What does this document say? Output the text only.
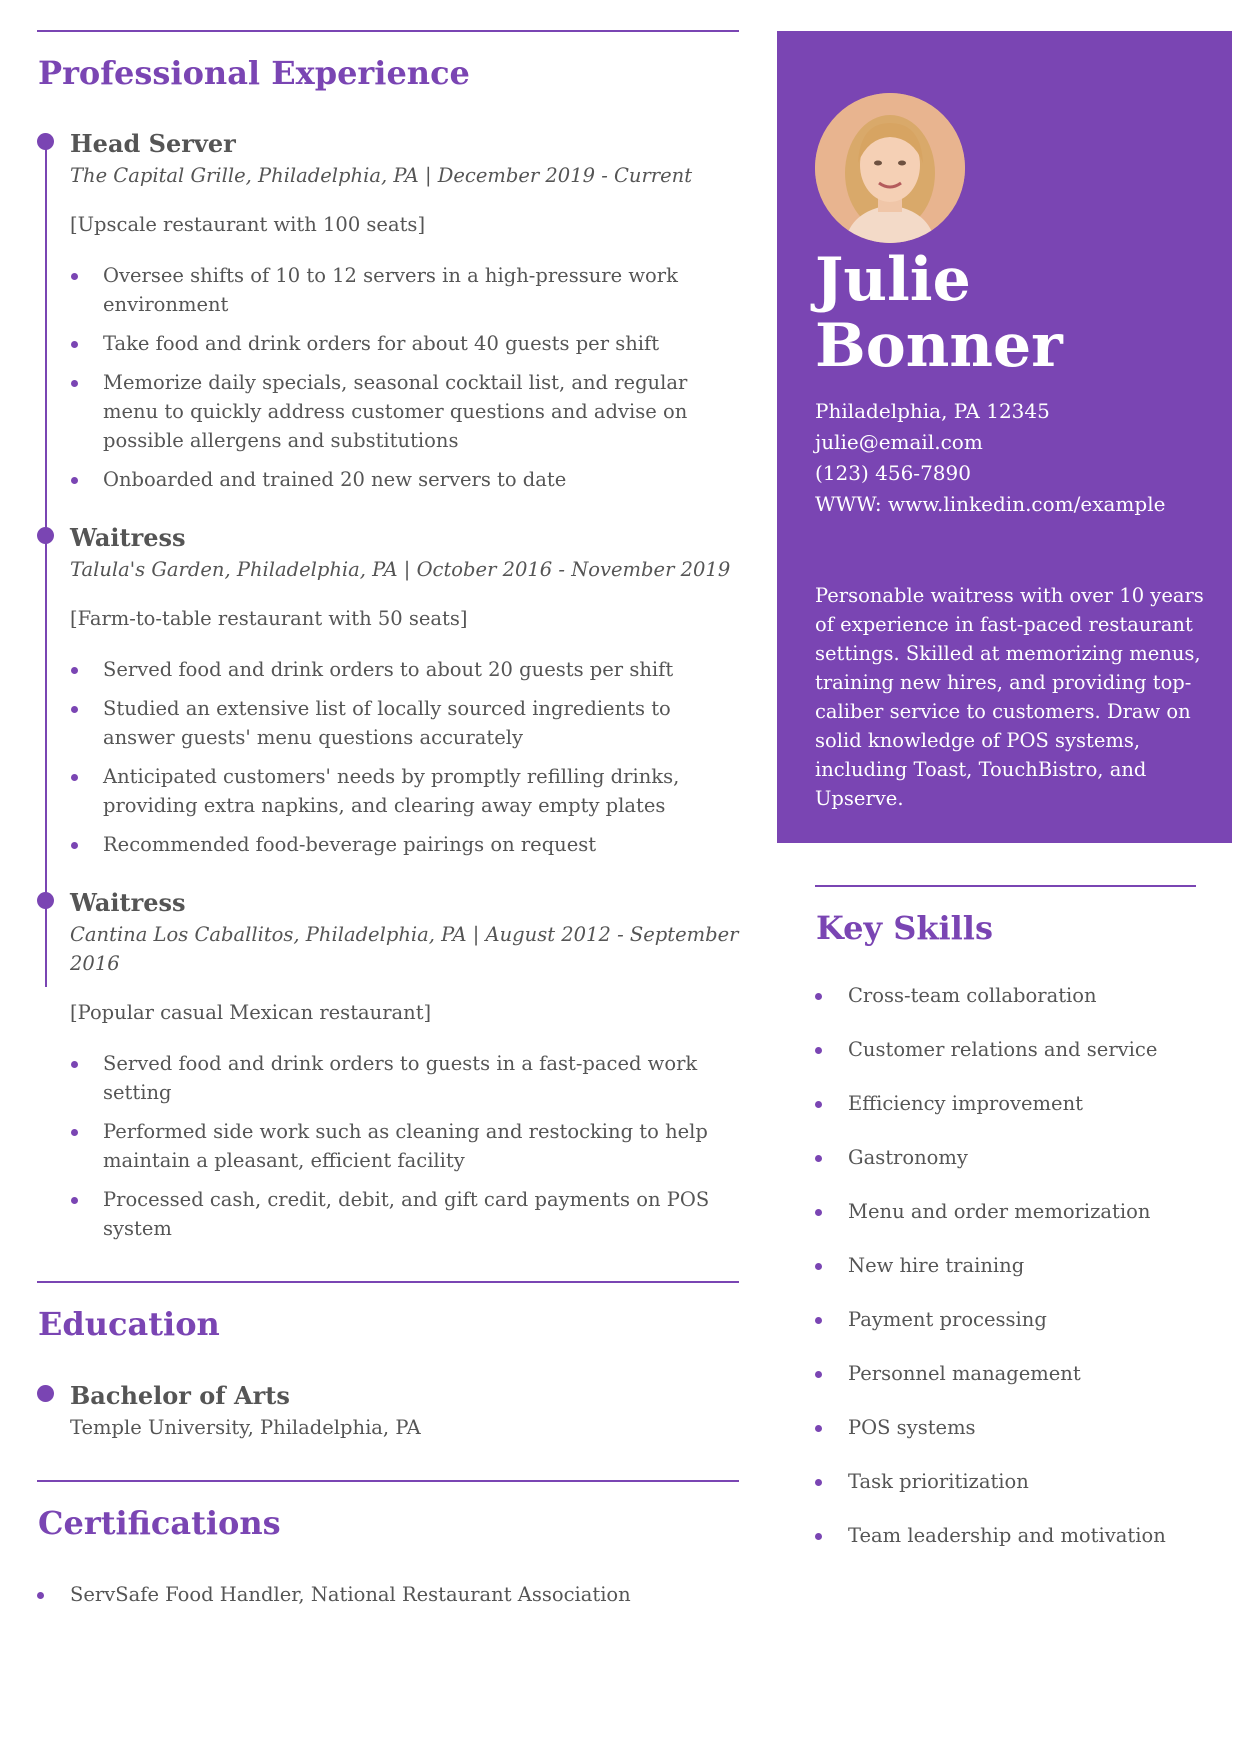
Professional Experience
Head Server
The Capital Grille, Philadelphia, PA | December 2019 - Current
[Upscale restaurant with 100 seats]
Oversee shifts of 10 to 12 servers in a high-pressure work environment
Take food and drink orders for about 40 guests per shift
Memorize daily specials, seasonal cocktail list, and regular menu to quickly address customer questions and advise on possible allergens and substitutions
Onboarded and trained 20 new servers to date
Waitress
Talula's Garden, Philadelphia, PA | October 2016 - November 2019
[Farm-to-table restaurant with 50 seats]
Served food and drink orders to about 20 guests per shift
Studied an extensive list of locally sourced ingredients to answer guests' menu questions accurately
Anticipated customers' needs by promptly refilling drinks, providing extra napkins, and clearing away empty plates
Recommended food-beverage pairings on request
Waitress
Cantina Los Caballitos, Philadelphia, PA | August 2012 - September 2016
[Popular casual Mexican restaurant]
Served food and drink orders to guests in a fast-paced work setting
Performed side work such as cleaning and restocking to help maintain a pleasant, efficient facility
Processed cash, credit, debit, and gift card payments on POS system
Education
Bachelor of Arts
Temple University, Philadelphia, PA
Certifications
ServSafe Food Handler, National Restaurant Association
Julie
Bonner
Philadelphia, PA 12345
julie@email.com
(123) 456-7890
WWW: www.linkedin.com/example
Personable waitress with over 10 years of experience in fast-paced restaurant settings. Skilled at memorizing menus, training new hires, and providing top-caliber service to customers. Draw on solid knowledge of POS systems, including Toast, TouchBistro, and Upserve.
Key Skills
Cross-team collaboration
Customer relations and service
Efficiency improvement
Gastronomy
Menu and order memorization
New hire training
Payment processing
Personnel management
POS systems
Task prioritization
Team leadership and motivation
